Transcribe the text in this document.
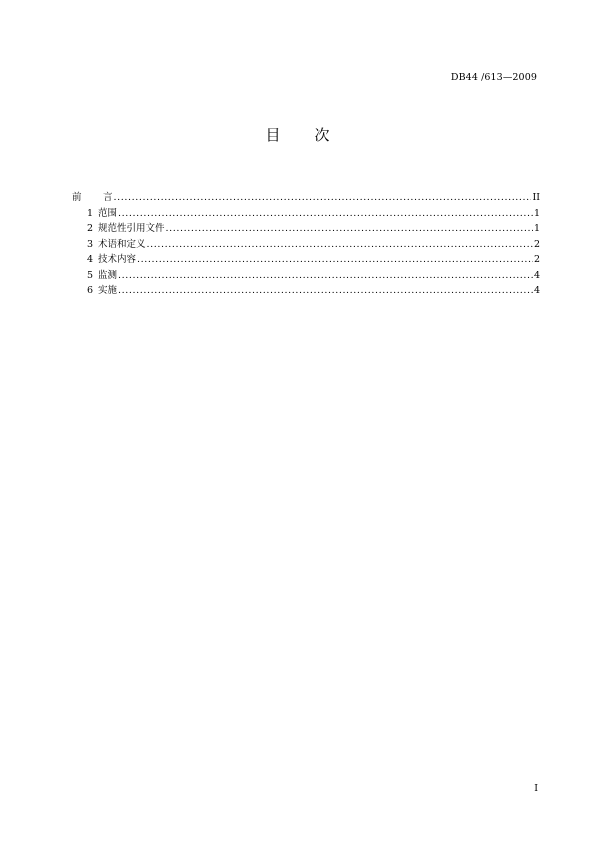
DB44 /613—2009
目次
前	言 .....	II
1 范围 .....	1
2 规范性引用文件 .....	1
3 术语和定义 .....	2
4 技术内容 .....	2
5 监测 .....	4
6 实施 .....	4
I
